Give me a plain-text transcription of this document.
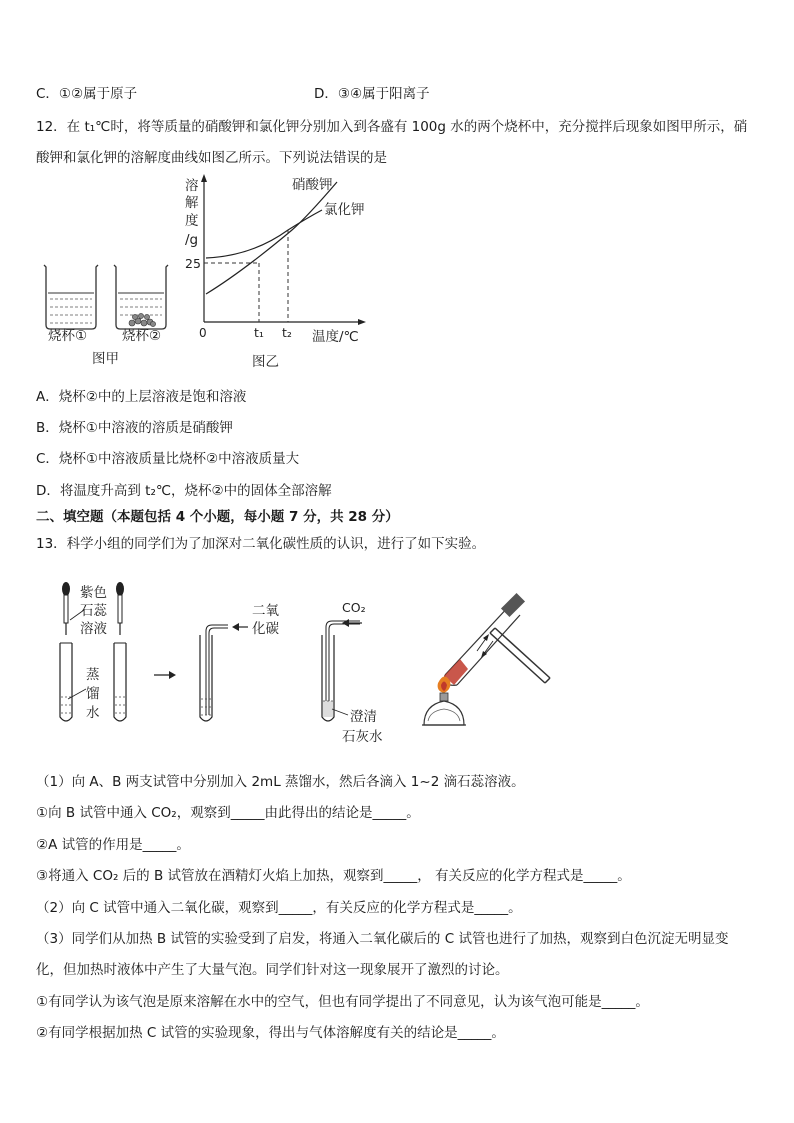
C．①②属于原子	D．③④属于阳离子
12．在 t₁℃时，将等质量的硝酸钾和氯化钾分别加入到各盛有 100g 水的两个烧杯中，充分搅拌后现象如图甲所示，硝
酸钾和氯化钾的溶解度曲线如图乙所示。下列说法错误的是
烧杯①	烧杯②
图甲
溶
解
度
/g
25
0	t₁ t₂ 温度/℃
硝酸钾
氯化钾
图乙
A．烧杯②中的上层溶液是饱和溶液
B．烧杯①中溶液的溶质是硝酸钾
C．烧杯①中溶液质量比烧杯②中溶液质量大
D．将温度升高到 t₂℃，烧杯②中的固体全部溶解
二、填空题（本题包括 4 个小题，每小题 7 分，共 28 分）
13．科学小组的同学们为了加深对二氧化碳性质的认识，进行了如下实验。
紫色
石蕊
溶液
蒸
馏
水
二氧
化碳
CO₂
澄清
石灰水
（1）向 A、B 两支试管中分别加入 2mL 蒸馏水，然后各滴入 1~2 滴石蕊溶液。
①向 B 试管中通入 CO₂，观察到_____由此得出的结论是_____。
②A 试管的作用是_____。
③将通入 CO₂ 后的 B 试管放在酒精灯火焰上加热，观察到_____， 有关反应的化学方程式是_____。
（2）向 C 试管中通入二氧化碳，观察到_____，有关反应的化学方程式是_____。
（3）同学们从加热 B 试管的实验受到了启发，将通入二氧化碳后的 C 试管也进行了加热，观察到白色沉淀无明显变
化，但加热时液体中产生了大量气泡。同学们针对这一现象展开了激烈的讨论。
①有同学认为该气泡是原来溶解在水中的空气，但也有同学提出了不同意见，认为该气泡可能是_____。
②有同学根据加热 C 试管的实验现象，得出与气体溶解度有关的结论是_____。
